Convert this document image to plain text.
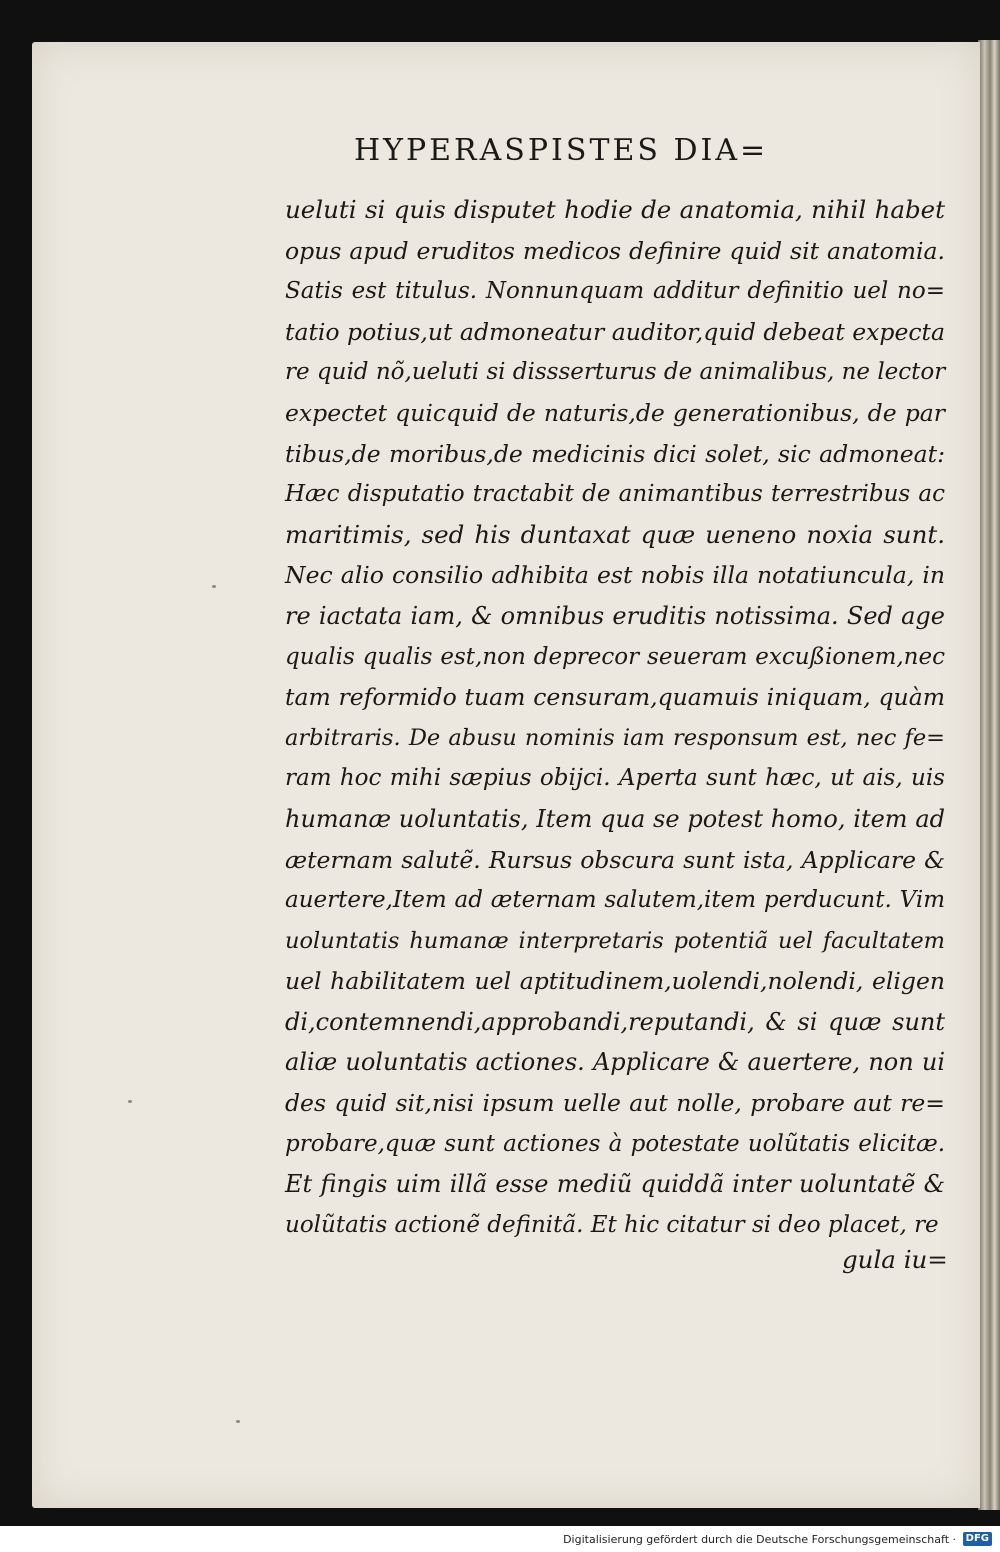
HYPERASPISTES DIA=
ueluti si quis disputet hodie de anatomia, nihil habet
opus apud eruditos medicos definire quid sit anatomia.
Satis est titulus. Nonnunquam additur definitio uel no=
tatio potius,ut admoneatur auditor,quid debeat expecta
re quid nõ,ueluti si dissserturus de animalibus, ne lector
expectet quicquid de naturis,de generationibus, de par
tibus,de moribus,de medicinis dici solet, sic admoneat:
Hæc disputatio tractabit de animantibus terrestribus ac
maritimis, sed his duntaxat quæ ueneno noxia sunt.
Nec alio consilio adhibita est nobis illa notatiuncula, in
re iactata iam, & omnibus eruditis notissima. Sed age
qualis qualis est,non deprecor seueram excußionem,nec
tam reformido tuam censuram,quamuis iniquam, quàm
arbitraris. De abusu nominis iam responsum est, nec fe=
ram hoc mihi sæpius obijci. Aperta sunt hæc, ut ais, uis
humanæ uoluntatis, Item qua se potest homo, item ad
æternam salutẽ. Rursus obscura sunt ista, Applicare &
auertere,Item ad æternam salutem,item perducunt. Vim
uoluntatis humanæ interpretaris potentiã uel facultatem
uel habilitatem uel aptitudinem,uolendi,nolendi, eligen
di,contemnendi,approbandi,reputandi, & si quæ sunt
aliæ uoluntatis actiones. Applicare & auertere, non ui
des quid sit,nisi ipsum uelle aut nolle, probare aut re=
probare,quæ sunt actiones à potestate uolũtatis elicitæ.
Et fingis uim illã esse mediũ quiddã inter uoluntatẽ &
uolũtatis actionẽ definitã. Et hic citatur si deo placet, re
gula iu=
Digitalisierung gefördert durch die Deutsche Forschungsgemeinschaft · DFG
